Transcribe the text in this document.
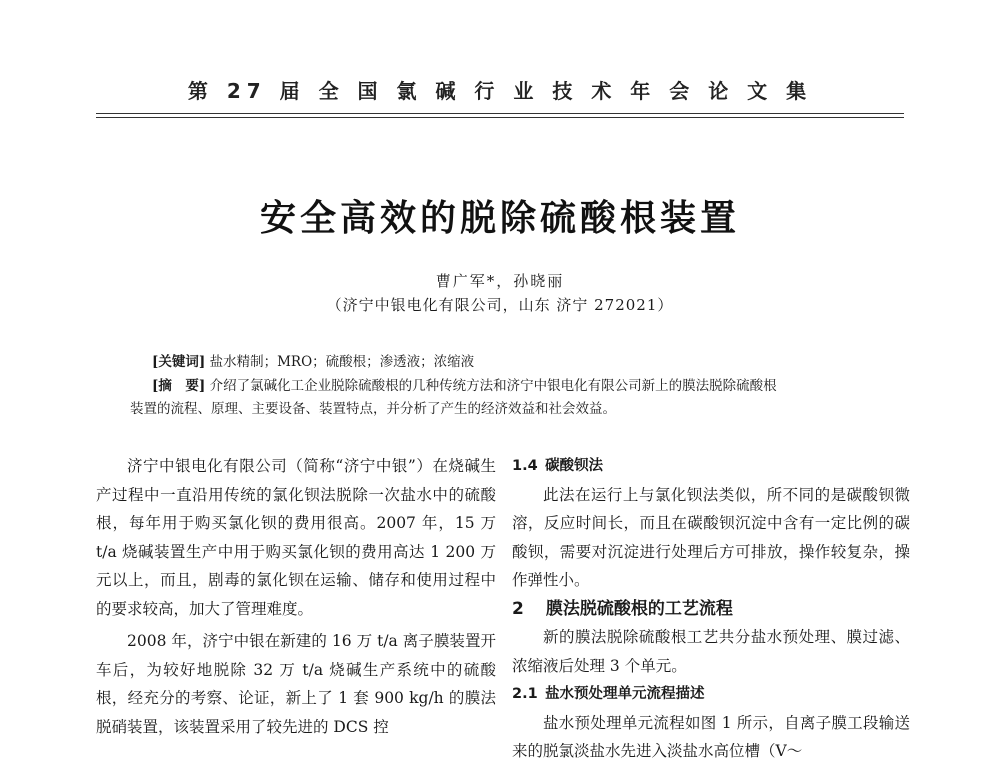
第 27 届 全 国 氯 碱 行 业 技 术 年 会 论 文 集
安全高效的脱除硫酸根装置
曹广军*，孙晓丽
（济宁中银电化有限公司，山东 济宁 272021）
[关键词] 盐水精制；MRO；硫酸根；渗透液；浓缩液
[摘　要] 介绍了氯碱化工企业脱除硫酸根的几种传统方法和济宁中银电化有限公司新上的膜法脱除硫酸根
装置的流程、原理、主要设备、装置特点，并分析了产生的经济效益和社会效益。

济宁中银电化有限公司（简称“济宁中银”）在烧碱生产过程中一直沿用传统的氯化钡法脱除一次盐水中的硫酸根，每年用于购买氯化钡的费用很高。2007 年，15 万 t/a 烧碱装置生产中用于购买氯化钡的费用高达 1 200 万元以上，而且，剧毒的氯化钡在运输、储存和使用过程中的要求较高，加大了管理难度。

2008 年，济宁中银在新建的 16 万 t/a 离子膜装置开车后，为较好地脱除 32 万 t/a 烧碱生产系统中的硫酸根，经充分的考察、论证，新上了 1 套 900 kg/h 的膜法脱硝装置，该装置采用了较先进的 DCS 控

1.4 碳酸钡法

此法在运行上与氯化钡法类似，所不同的是碳酸钡微溶，反应时间长，而且在碳酸钡沉淀中含有一定比例的碳酸钡，需要对沉淀进行处理后方可排放，操作较复杂，操作弹性小。

2 膜法脱硫酸根的工艺流程

新的膜法脱除硫酸根工艺共分盐水预处理、膜过滤、浓缩液后处理 3 个单元。

2.1 盐水预处理单元流程描述

盐水预处理单元流程如图 1 所示，自离子膜工段输送来的脱氯淡盐水先进入淡盐水高位槽（V～
